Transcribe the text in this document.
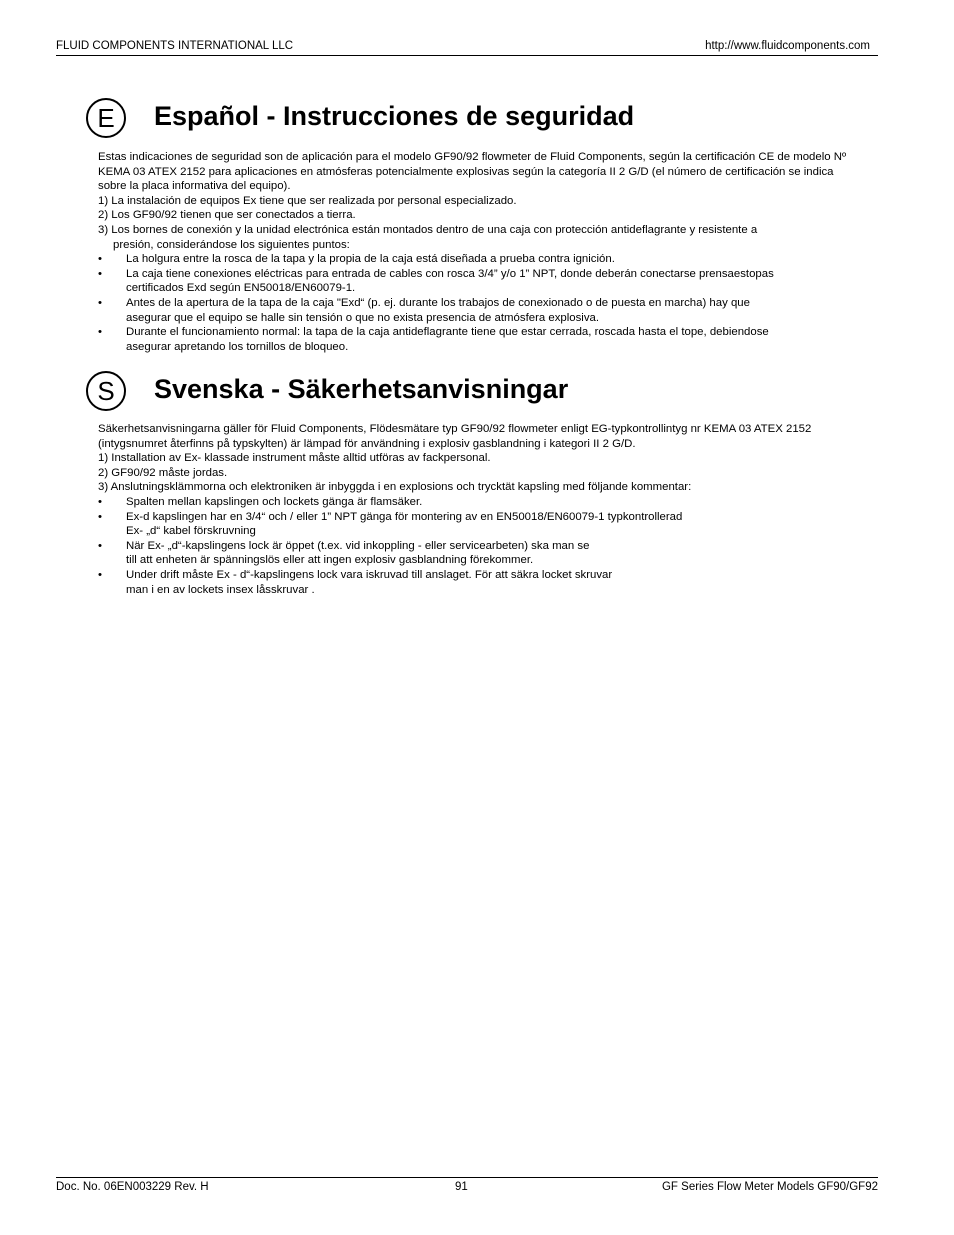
FLUID COMPONENTS INTERNATIONAL LLC	http://www.fluidcomponents.com
E	Español - Instrucciones de seguridad

Estas indicaciones de seguridad son de aplicación para el modelo GF90/92 flowmeter de Fluid Components, según la certificación CE de modelo Nº KEMA 03 ATEX 2152 para aplicaciones en atmósferas potencialmente explosivas según la categoría II 2 G/D (el número de certificación se indica sobre la placa informativa del equipo).

1) La instalación de equipos Ex tiene que ser realizada por personal especializado.
2) Los GF90/92 tienen que ser conectados a tierra.
3) Los bornes de conexión y la unidad electrónica están montados dentro de una caja con protección antideflagrante y resistente a
presión, considerándose los siguientes puntos:
• La holgura entre la rosca de la tapa y la propia de la caja está diseñada a prueba contra ignición.
• La caja tiene conexiones eléctricas para entrada de cables con rosca 3/4” y/o 1” NPT, donde deberán conectarse prensaestopas
certificados Exd según EN50018/EN60079-1.
• Antes de la apertura de la tapa de la caja "Exd“ (p. ej. durante los trabajos de conexionado o de puesta en marcha) hay que
asegurar que el equipo se halle sin tensión o que no exista presencia de atmósfera explosiva.
• Durante el funcionamiento normal: la tapa de la caja antideflagrante tiene que estar cerrada, roscada hasta el tope, debiendose
asegurar apretando los tornillos de bloqueo.
S	Svenska - Säkerhetsanvisningar

Säkerhetsanvisningarna gäller för Fluid Components, Flödesmätare typ GF90/92 flowmeter enligt EG-typkontrollintyg nr KEMA 03 ATEX 2152 (intygsnumret återfinns på typskylten) är lämpad för användning i explosiv gasblandning i kategori II 2 G/D.

1) Installation av Ex- klassade instrument måste alltid utföras av fackpersonal.
2) GF90/92 måste jordas.
3) Anslutningsklämmorna och elektroniken är inbyggda i en explosions och trycktät kapsling med följande kommentar:
• Spalten mellan kapslingen och lockets gänga är flamsäker.
• Ex-d kapslingen har en 3/4“ och / eller 1” NPT gänga för montering av en EN50018/EN60079-1 typkontrollerad
Ex- „d“ kabel förskruvning
• När Ex- „d“-kapslingens lock är öppet (t.ex. vid inkoppling - eller servicearbeten) ska man se
till att enheten är spänningslös eller att ingen explosiv gasblandning förekommer.
• Under drift måste Ex - d“-kapslingens lock vara iskruvad till anslaget. För att säkra locket skruvar
man i en av lockets insex låsskruvar .
Doc. No. 06EN003229 Rev. H	91	GF Series Flow Meter Models GF90/GF92
